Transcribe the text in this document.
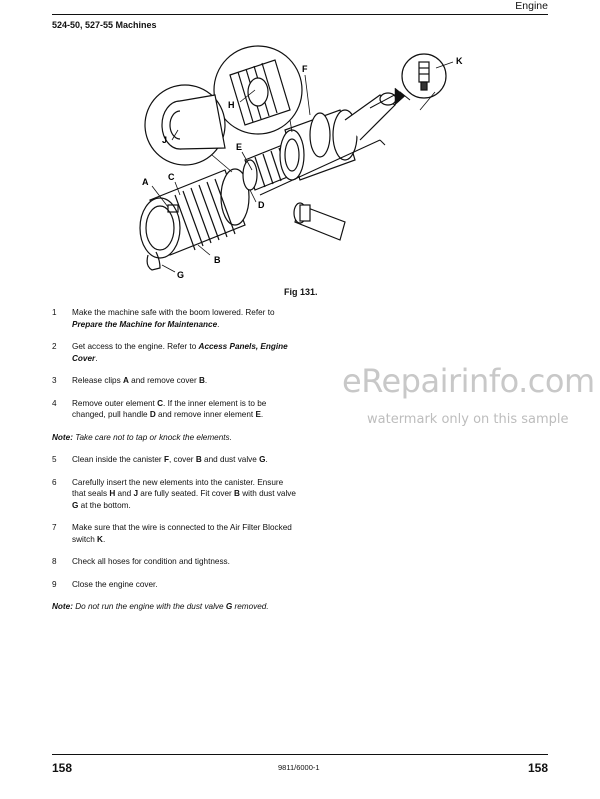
Engine
524-50, 527-55 Machines
A C
B
D
E
F
G
H
J
K
Fig 131.
1	Make the machine safe with the boom lowered. Refer to Prepare the Machine for Maintenance.
2	Get access to the engine. Refer to Access Panels, Engine Cover.
3	Release clips A and remove cover B.
4	Remove outer element C. If the inner element is to be changed, pull handle D and remove inner element E.
Note: Take care not to tap or knock the elements.
5	Clean inside the canister F, cover B and dust valve G.
6	Carefully insert the new elements into the canister. Ensure that seals H and J are fully seated. Fit cover B with dust valve G at the bottom.
7	Make sure that the wire is connected to the Air Filter Blocked switch K.
8	Check all hoses for condition and tightness.
9	Close the engine cover.
Note: Do not run the engine with the dust valve G removed.
eRepairinfo.com
watermark only on this sample
158	9811/6000-1	158
